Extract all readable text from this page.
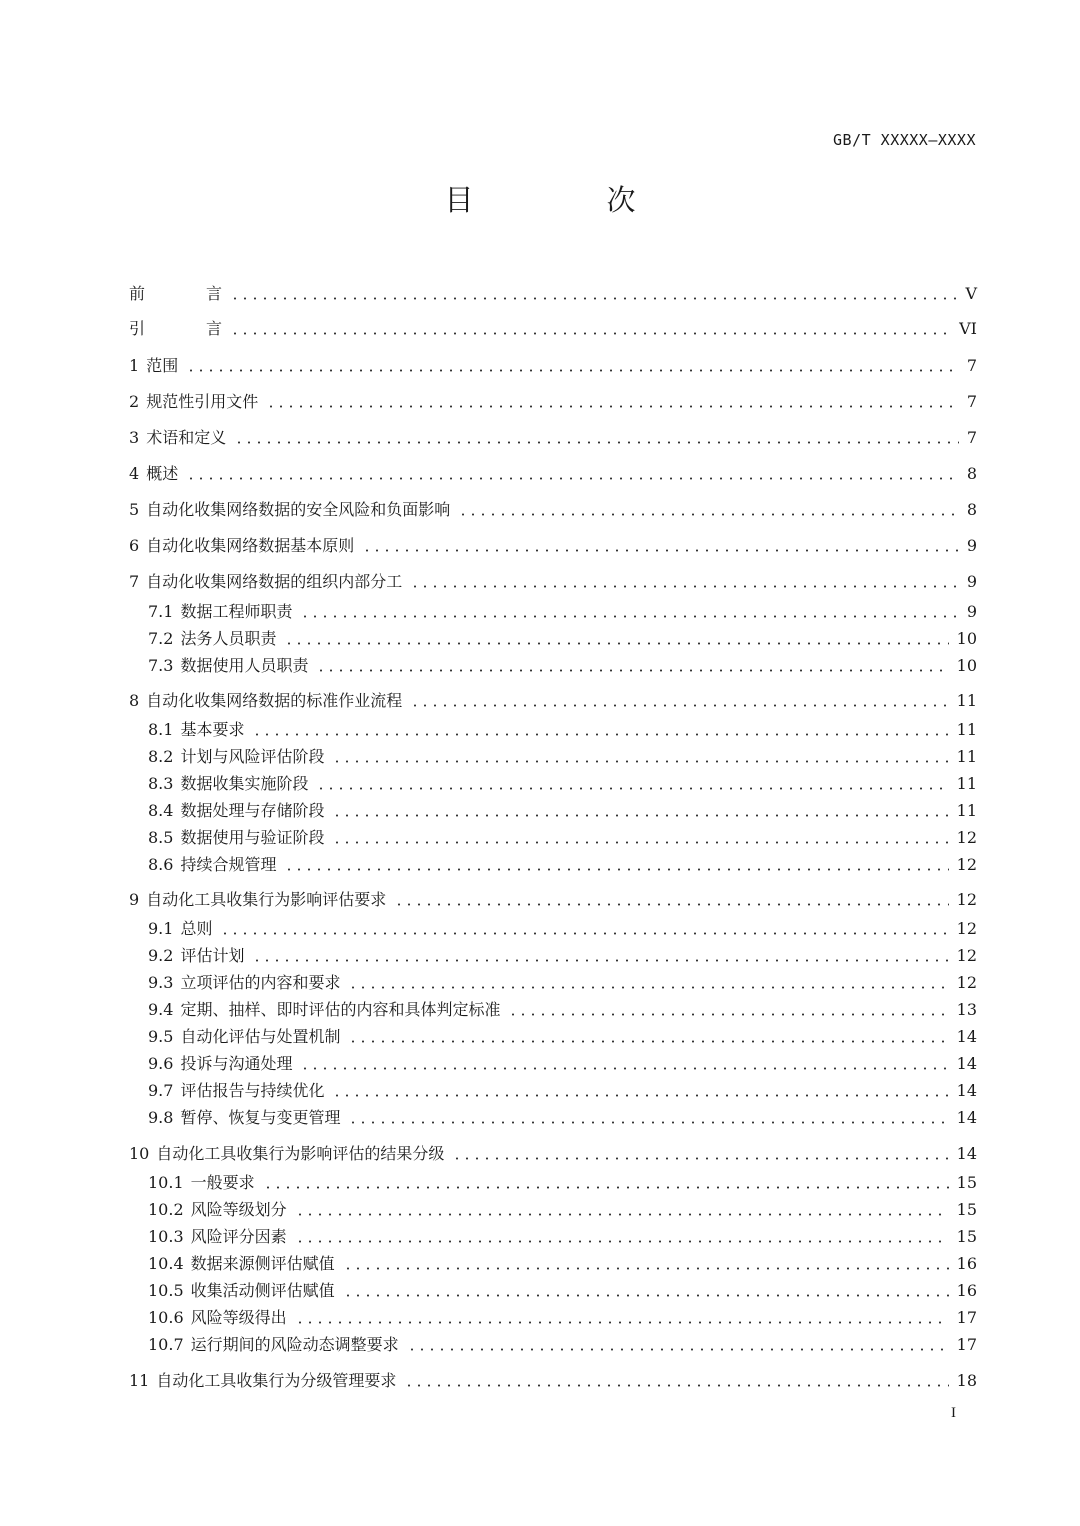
GB/T XXXXX—XXXX
目　次
前	言	V
引	言	VI
1 范围	7
2 规范性引用文件	7
3 术语和定义	7
4 概述	8
5 自动化收集网络数据的安全风险和负面影响	8
6 自动化收集网络数据基本原则	9
7 自动化收集网络数据的组织内部分工	9
7.1 数据工程师职责	9
7.2 法务人员职责	10
7.3 数据使用人员职责	10
8 自动化收集网络数据的标准作业流程	11
8.1 基本要求	11
8.2 计划与风险评估阶段	11
8.3 数据收集实施阶段	11
8.4 数据处理与存储阶段	11
8.5 数据使用与验证阶段	12
8.6 持续合规管理	12
9 自动化工具收集行为影响评估要求	12
9.1 总则	12
9.2 评估计划	12
9.3 立项评估的内容和要求	12
9.4 定期、抽样、即时评估的内容和具体判定标准	13
9.5 自动化评估与处置机制	14
9.6 投诉与沟通处理	14
9.7 评估报告与持续优化	14
9.8 暂停、恢复与变更管理	14
10 自动化工具收集行为影响评估的结果分级	14
10.1 一般要求	15
10.2 风险等级划分	15
10.3 风险评分因素	15
10.4 数据来源侧评估赋值	16
10.5 收集活动侧评估赋值	16
10.6 风险等级得出	17
10.7 运行期间的风险动态调整要求	17
11 自动化工具收集行为分级管理要求	18
I
